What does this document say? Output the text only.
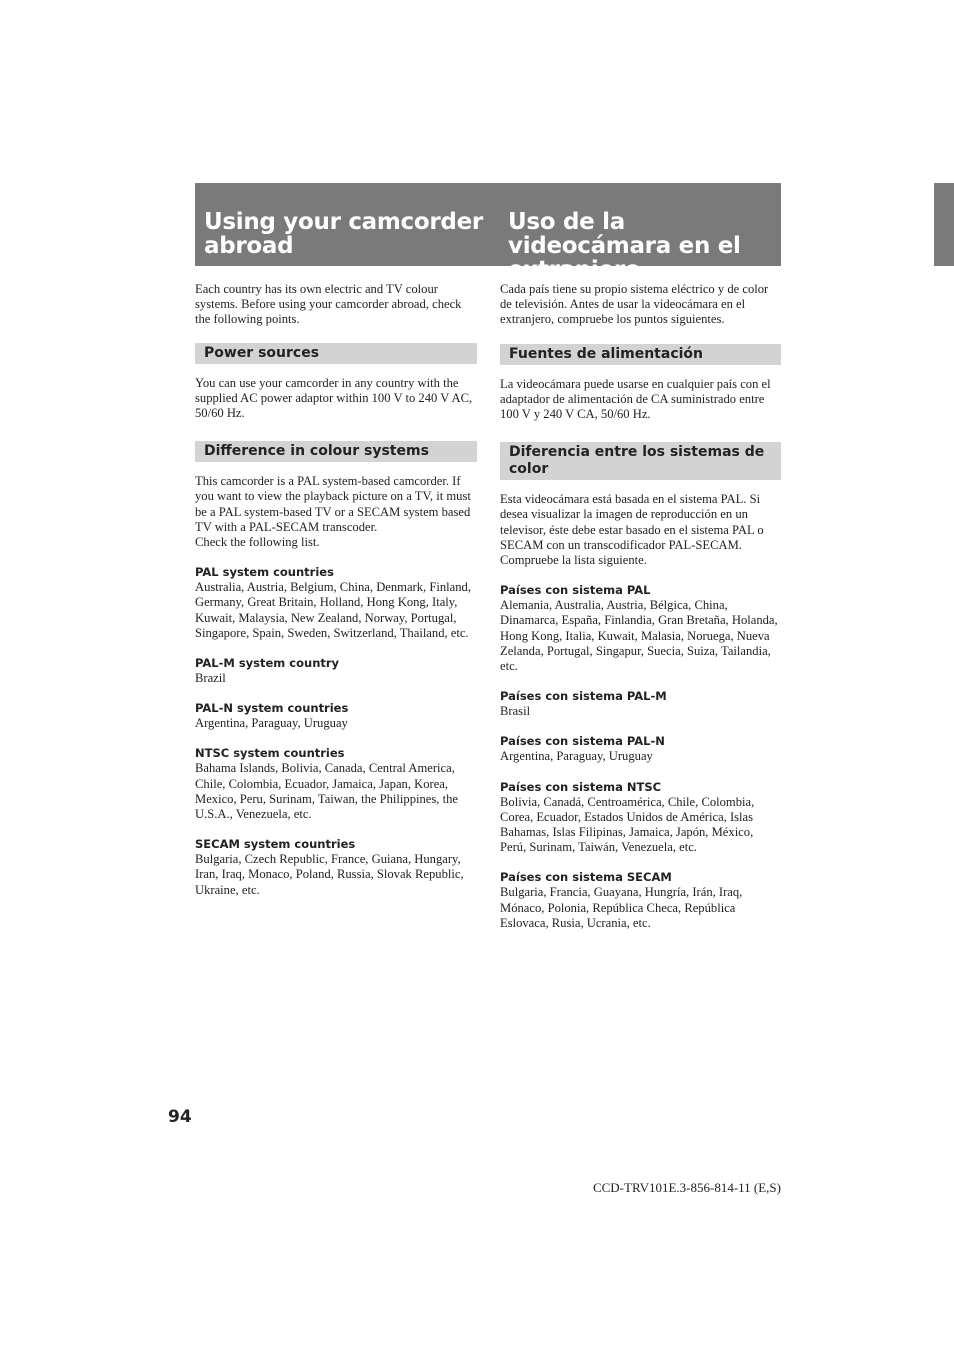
Using your camcorder abroad
Uso de la videocámara en el extranjero

Each country has its own electric and TV colour systems. Before using your camcorder abroad, check the following points.

Power sources

You can use your camcorder in any country with the supplied AC power adaptor within 100 V to 240 V AC, 50/60 Hz.

Difference in colour systems

This camcorder is a PAL system-based camcorder. If you want to view the playback picture on a TV, it must be a PAL system-based TV or a SECAM system based TV with a PAL-SECAM transcoder.

Check the following list.

PAL system countries

Australia, Austria, Belgium, China, Denmark, Finland, Germany, Great Britain, Holland, Hong Kong, Italy, Kuwait, Malaysia, New Zealand, Norway, Portugal, Singapore, Spain, Sweden, Switzerland, Thailand, etc.

PAL-M system country

Brazil

PAL-N system countries

Argentina, Paraguay, Uruguay

NTSC system countries

Bahama Islands, Bolivia, Canada, Central America, Chile, Colombia, Ecuador, Jamaica, Japan, Korea, Mexico, Peru, Surinam, Taiwan, the Philippines, the U.S.A., Venezuela, etc.

SECAM system countries

Bulgaria, Czech Republic, France, Guiana, Hungary, Iran, Iraq, Monaco, Poland, Russia, Slovak Republic, Ukraine, etc.

Cada país tiene su propio sistema eléctrico y de color de televisión. Antes de usar la videocámara en el extranjero, compruebe los puntos siguientes.

Fuentes de alimentación

La videocámara puede usarse en cualquier país con el adaptador de alimentación de CA suministrado entre 100 V y 240 V CA, 50/60 Hz.

Diferencia entre los sistemas de color

Esta videocámara está basada en el sistema PAL. Si desea visualizar la imagen de reproducción en un televisor, éste debe estar basado en el sistema PAL o SECAM con un transcodificador PAL-SECAM.

Compruebe la lista siguiente.

Países con sistema PAL

Alemania, Australia, Austria, Bélgica, China, Dinamarca, España, Finlandia, Gran Bretaña, Holanda, Hong Kong, Italia, Kuwait, Malasia, Noruega, Nueva Zelanda, Portugal, Singapur, Suecia, Suiza, Tailandia, etc.

Países con sistema PAL-M

Brasil

Países con sistema PAL-N

Argentina, Paraguay, Uruguay

Países con sistema NTSC

Bolivia, Canadá, Centroamérica, Chile, Colombia, Corea, Ecuador, Estados Unidos de América, Islas Bahamas, Islas Filipinas, Jamaica, Japón, México, Perú, Surinam, Taiwán, Venezuela, etc.

Países con sistema SECAM

Bulgaria, Francia, Guayana, Hungría, Irán, Iraq, Mónaco, Polonia, República Checa, República Eslovaca, Rusia, Ucrania, etc.

94

CCD-TRV101E.3-856-814-11 (E,S)
